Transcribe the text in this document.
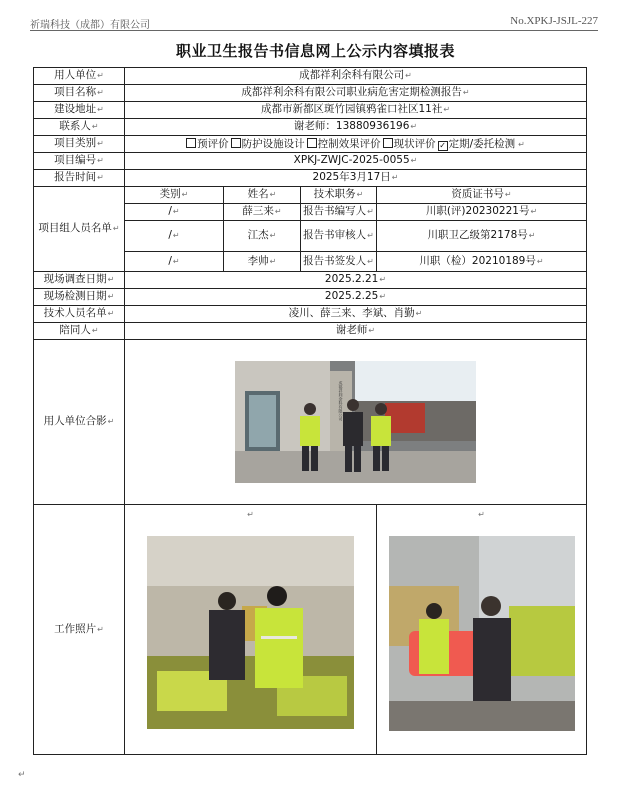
祈瑞科技（成都）有限公司	No.XPKJ-JSJL-227
职业卫生报告书信息网上公示内容填报表
用人单位↵	成都祥利余科有限公司↵			
项目名称↵	成都祥利余科有限公司职业病危害定期检测报告↵			
建设地址↵	成都市新都区斑竹园镇鸦雀口社区11社↵			
联系人↵	谢老师：13880936196↵			
项目类别↵	预评价 防护设施设计 控制效果评价 现状评价 ✓ 定期/委托检测 ↵			
项目编号↵	XPKJ-ZWJC-2025-0055↵			
报告时间↵	2025年3月17日↵			
项目组人员名单↵	类别↵	姓名↵	技术职务↵	资质证书号↵
	/↵	薛三来↵	报告书编写人↵	川职(评)20230221号↵
	/↵	江杰↵	报告书审核人↵	川职卫乙级第2178号↵
	/↵	李帅↵	报告书签发人↵	川职（检）20210189号↵
现场调查日期↵	2025.2.21↵			
现场检测日期↵	2025.2.25↵			
技术人员名单↵	凌川、薛三来、李斌、肖勤↵			
陪同人↵	谢老师↵			
用人单位合影↵	成都祥利余科有限公司			

工作照片↵	↵			↵
↵
